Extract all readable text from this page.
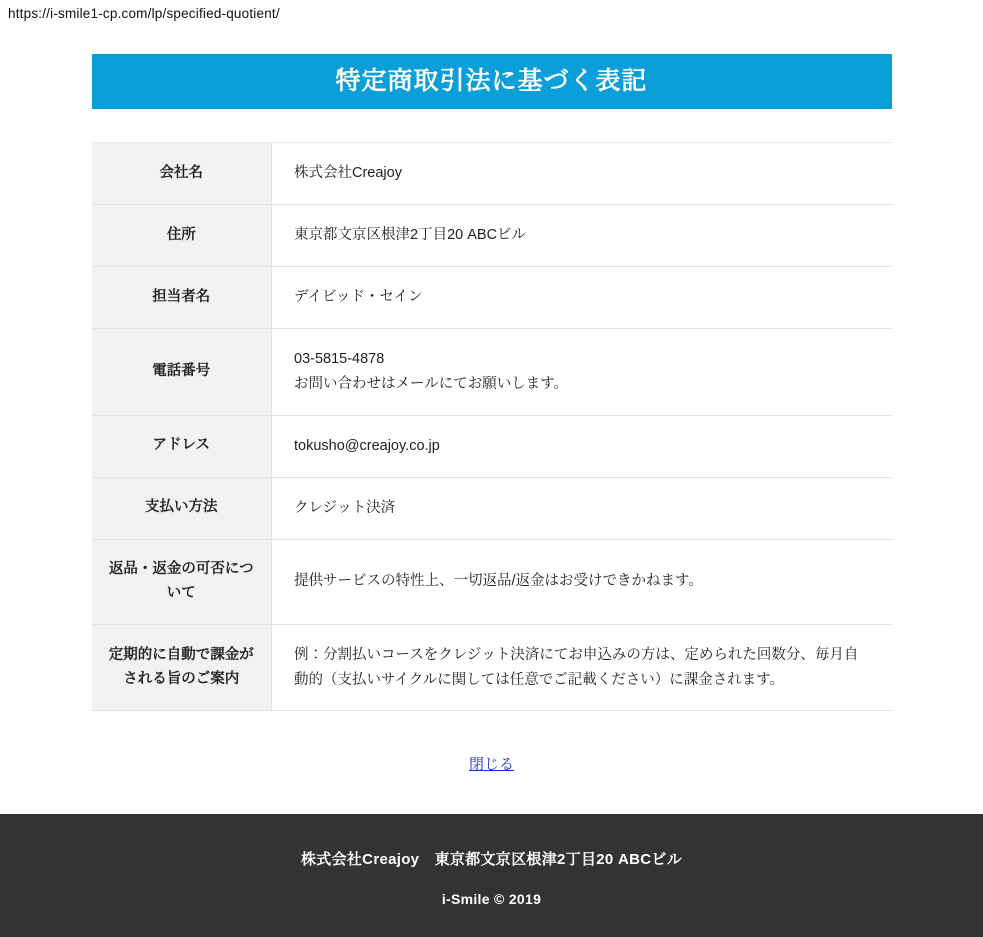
https://i-smile1-cp.com/lp/specified-quotient/
特定商取引法に基づく表記
会社名	株式会社Creajoy

住所	東京都文京区根津2丁目20 ABCビル

担当者名	デイビッド・セイン

電話番号	03-5815-4878
お問い合わせはメールにてお願いします。

アドレス	tokusho@creajoy.co.jp

支払い方法	クレジット決済

返品・返金の可否について	提供サービスの特性上、一切返品/返金はお受けできかねます。

定期的に自動で課金がされる旨のご案内	例：分割払いコースをクレジット決済にてお申込みの方は、定められた回数分、毎月自動的（支払いサイクルに関しては任意でご記載ください）に課金されます。
閉じる
株式会社Creajoy　東京都文京区根津2丁目20 ABCビル
i-Smile © 2019
